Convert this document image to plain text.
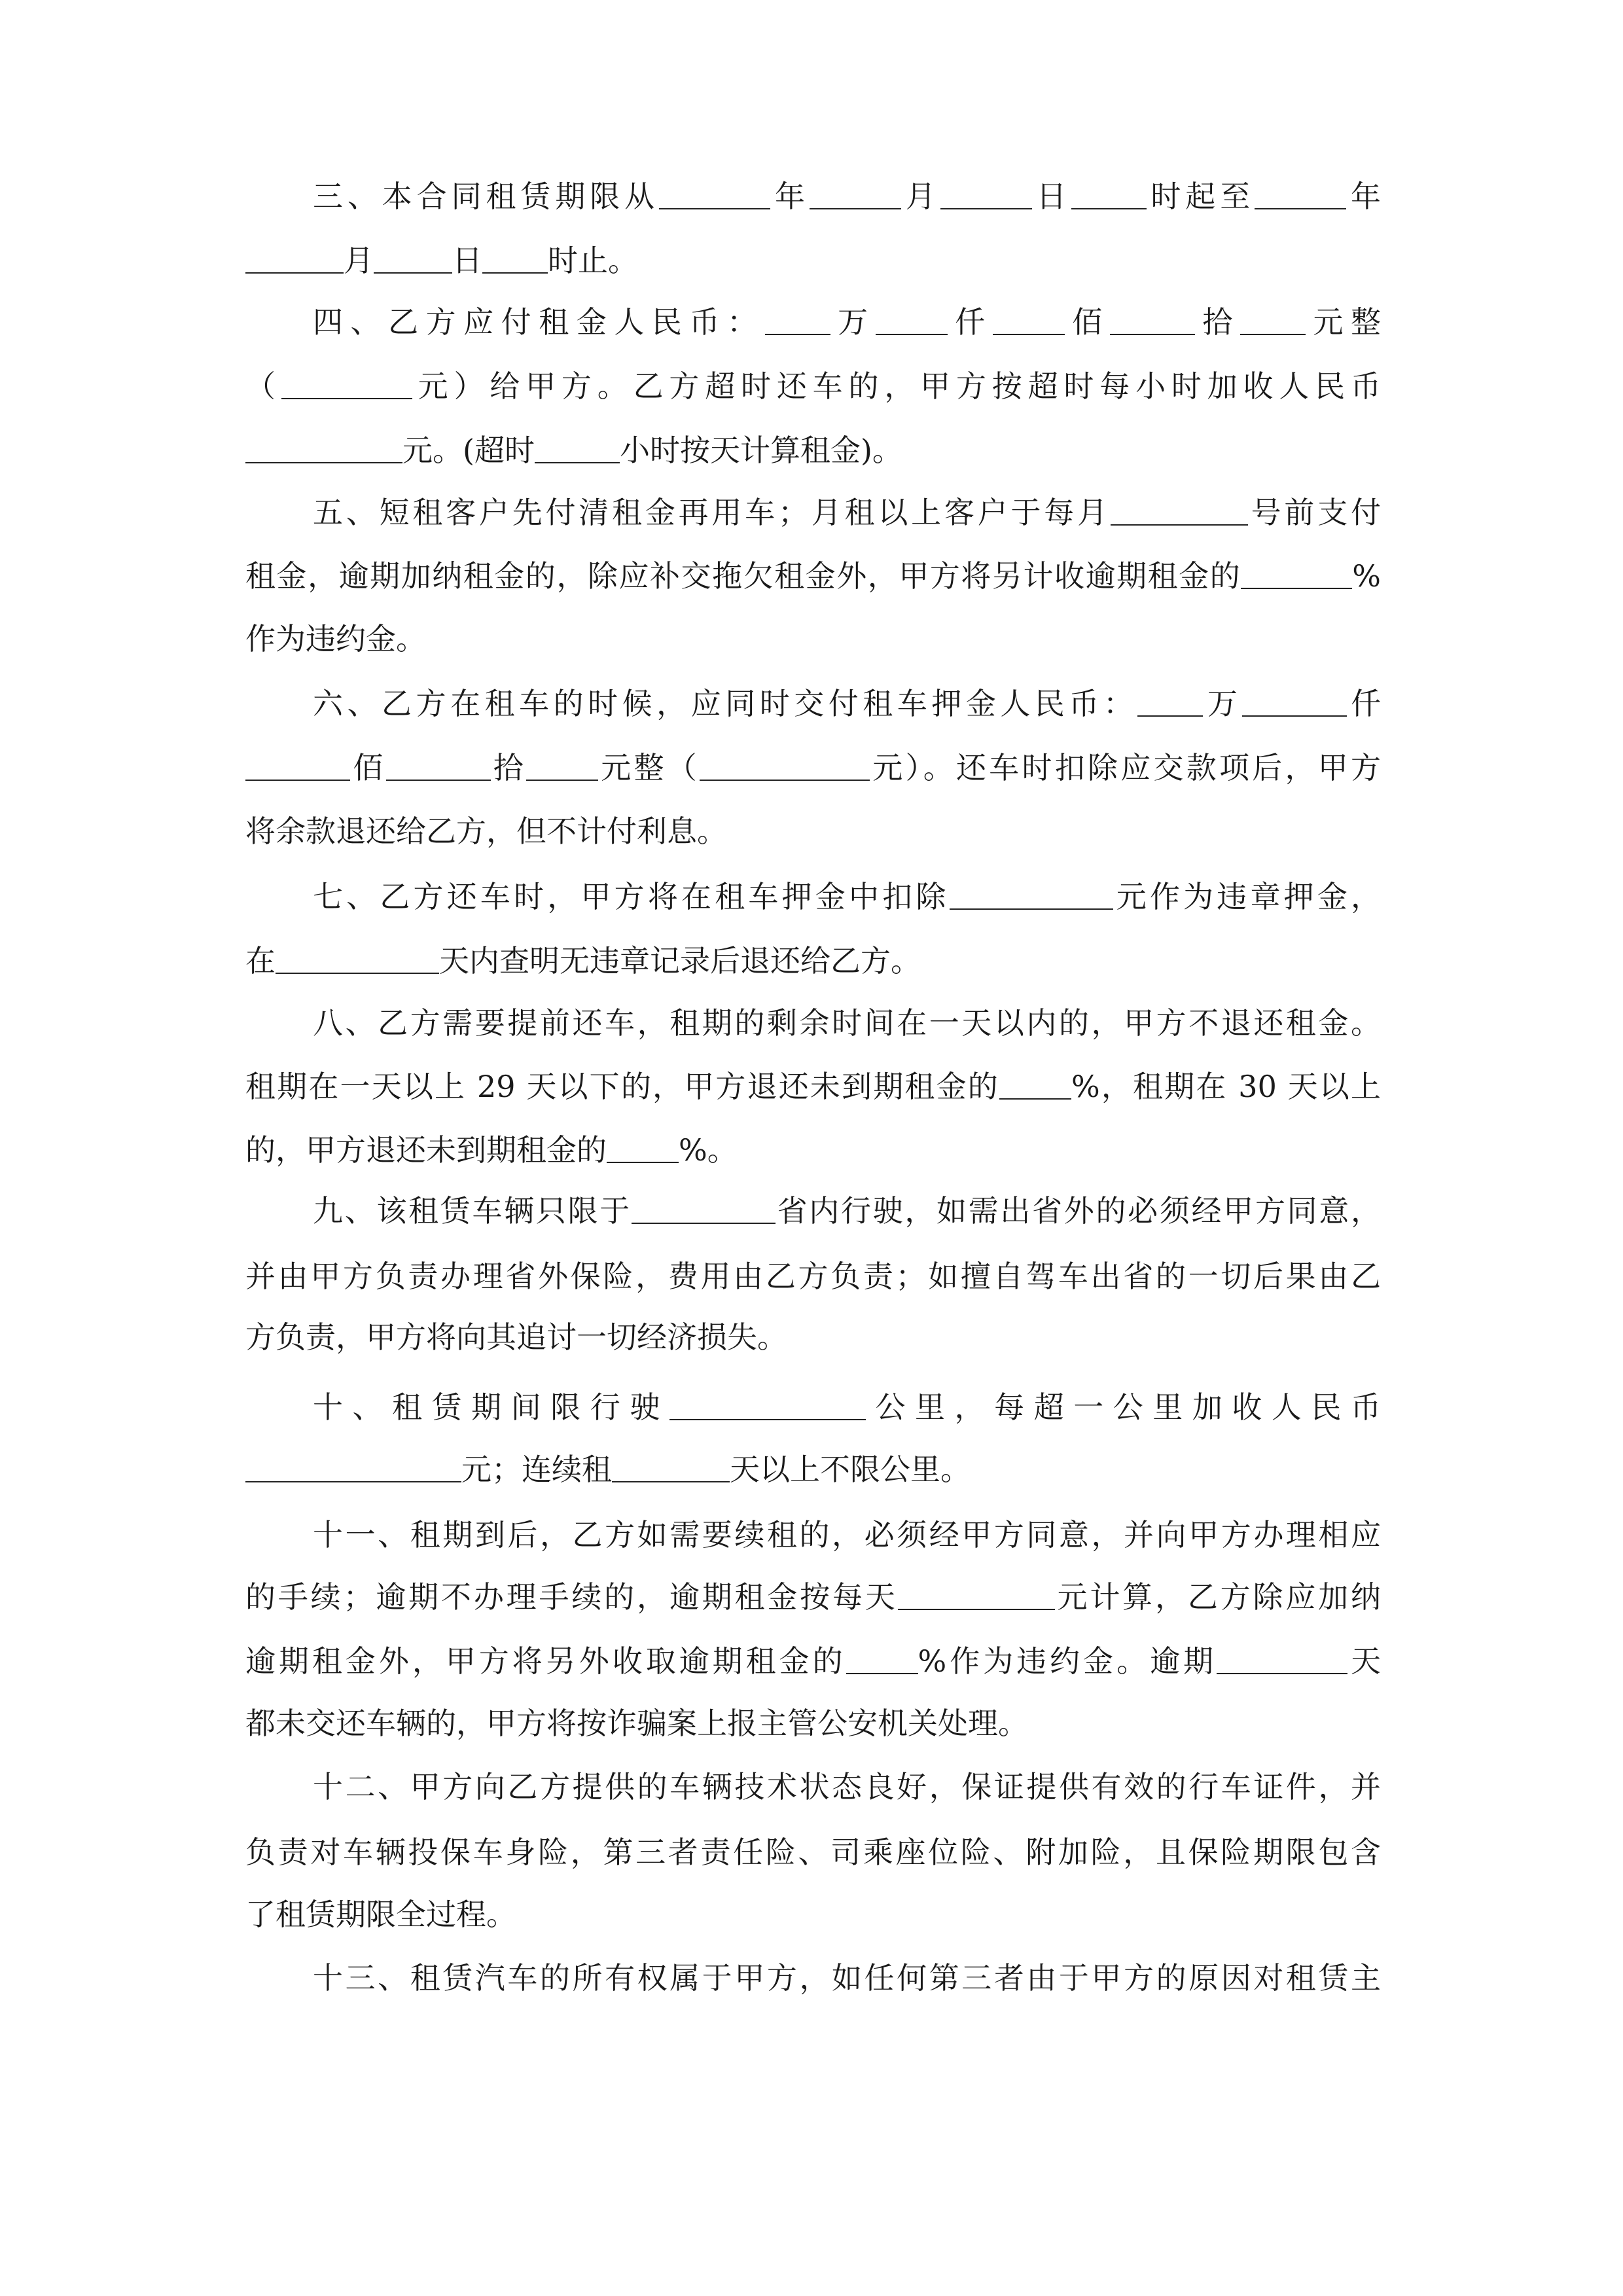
三、本合同租赁期限从	年	月	日	时起至	年
月	日 时止。
四、乙方应付租金人民币： 万 仟 佰	拾 元整
（	元）给甲方。乙方超时还车的，甲方按超时每小时加收人民币
元。(超时	小时按天计算租金)。
五、短租客户先付清租金再用车；月租以上客户于每月	号前支付
租金，逾期加纳租金的，除应补交拖欠租金外，甲方将另计收逾期租金的	%
作为违约金。
六、乙方在租车的时候，应同时交付租车押金人民币： 万	仟
佰	拾 元整（	元）。还车时扣除应交款项后，甲方
将余款退还给乙方，但不计付利息。
七、乙方还车时，甲方将在租车押金中扣除	元作为违章押金，
在	天内查明无违章记录后退还给乙方。
八、乙方需要提前还车，租期的剩余时间在一天以内的，甲方不退还租金。
租期在一天以上 29 天以下的，甲方退还未到期租金的 %，租期在 30 天以上
的，甲方退还未到期租金的 %。
九、该租赁车辆只限于	省内行驶，如需出省外的必须经甲方同意，
并由甲方负责办理省外保险，费用由乙方负责；如擅自驾车出省的一切后果由乙
方负责，甲方将向其追讨一切经济损失。
十、租赁期间限行驶	公里，每超一公里加收人民币
元；连续租	天以上不限公里。
十一、租期到后，乙方如需要续租的，必须经甲方同意，并向甲方办理相应
的手续；逾期不办理手续的，逾期租金按每天	元计算，乙方除应加纳
逾期租金外，甲方将另外收取逾期租金的 %作为违约金。逾期	天
都未交还车辆的，甲方将按诈骗案上报主管公安机关处理。
十二、甲方向乙方提供的车辆技术状态良好，保证提供有效的行车证件，并
负责对车辆投保车身险，第三者责任险、司乘座位险、附加险，且保险期限包含
了租赁期限全过程。
十三、租赁汽车的所有权属于甲方，如任何第三者由于甲方的原因对租赁主
